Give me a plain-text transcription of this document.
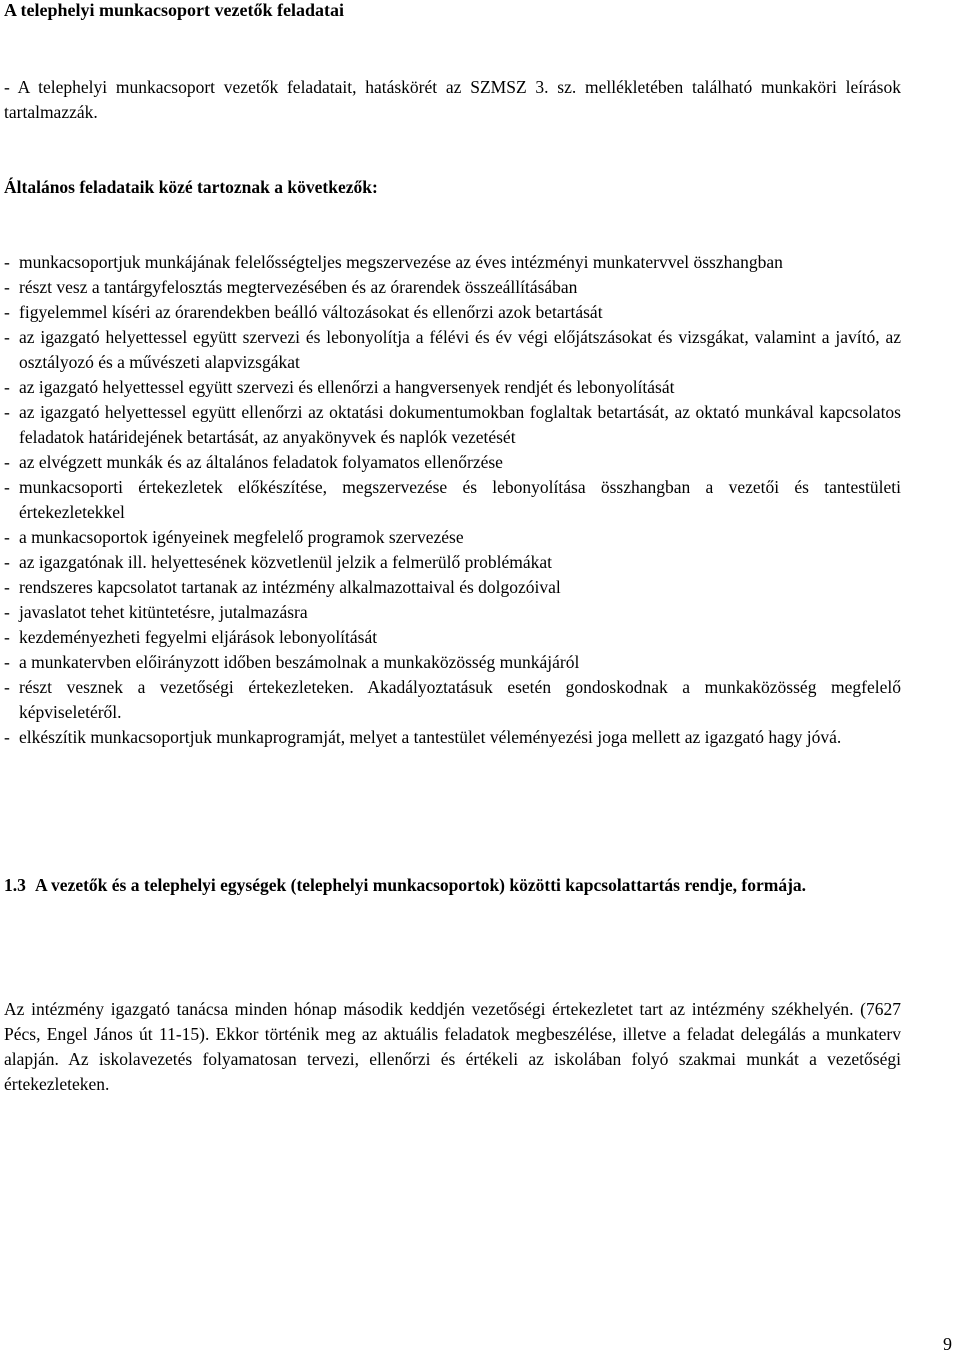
A telephelyi munkacsoport vezetők feladatai
- A telephelyi munkacsoport vezetők feladatait, hatáskörét az SZMSZ 3. sz. mellékletében található munkaköri leírások tartalmazzák.
Általános feladataik közé tartoznak a következők:
- munkacsoportjuk munkájának felelősségteljes megszervezése az éves intézményi munkatervvel összhangban
- részt vesz a tantárgyfelosztás megtervezésében és az órarendek összeállításában
- figyelemmel kíséri az órarendekben beálló változásokat és ellenőrzi azok betartását
- az igazgató helyettessel együtt szervezi és lebonyolítja a félévi és év végi előjátszásokat és vizsgákat, valamint a javító, az osztályozó és a művészeti alapvizsgákat
- az igazgató helyettessel együtt szervezi és ellenőrzi a hangversenyek rendjét és lebonyolítását
- az igazgató helyettessel együtt ellenőrzi az oktatási dokumentumokban foglaltak betartását, az oktató munkával kapcsolatos feladatok határidejének betartását, az anyakönyvek és naplók vezetését
- az elvégzett munkák és az általános feladatok folyamatos ellenőrzése
- munkacsoporti értekezletek előkészítése, megszervezése és lebonyolítása összhangban a vezetői és tantestületi értekezletekkel
- a munkacsoportok igényeinek megfelelő programok szervezése
- az igazgatónak ill. helyettesének közvetlenül jelzik a felmerülő problémákat
- rendszeres kapcsolatot tartanak az intézmény alkalmazottaival és dolgozóival
- javaslatot tehet kitüntetésre, jutalmazásra
- kezdeményezheti fegyelmi eljárások lebonyolítását
- a munkatervben előirányzott időben beszámolnak a munkaközösség munkájáról
- részt vesznek a vezetőségi értekezleteken. Akadályoztatásuk esetén gondoskodnak a munkaközösség megfelelő képviseletéről.
- elkészítik munkacsoportjuk munkaprogramját, melyet a tantestület véleményezési joga mellett az igazgató hagy jóvá.
1.3 A vezetők és a telephelyi egységek (telephelyi munkacsoportok) közötti kapcsolattartás rendje, formája.
Az intézmény igazgató tanácsa minden hónap második keddjén vezetőségi értekezletet tart az intézmény székhelyén. (7627 Pécs, Engel János út 11-15). Ekkor történik meg az aktuális feladatok megbeszélése, illetve a feladat delegálás a munkaterv alapján. Az iskolavezetés folyamatosan tervezi, ellenőrzi és értékeli az iskolában folyó szakmai munkát a vezetőségi értekezleteken.
9
